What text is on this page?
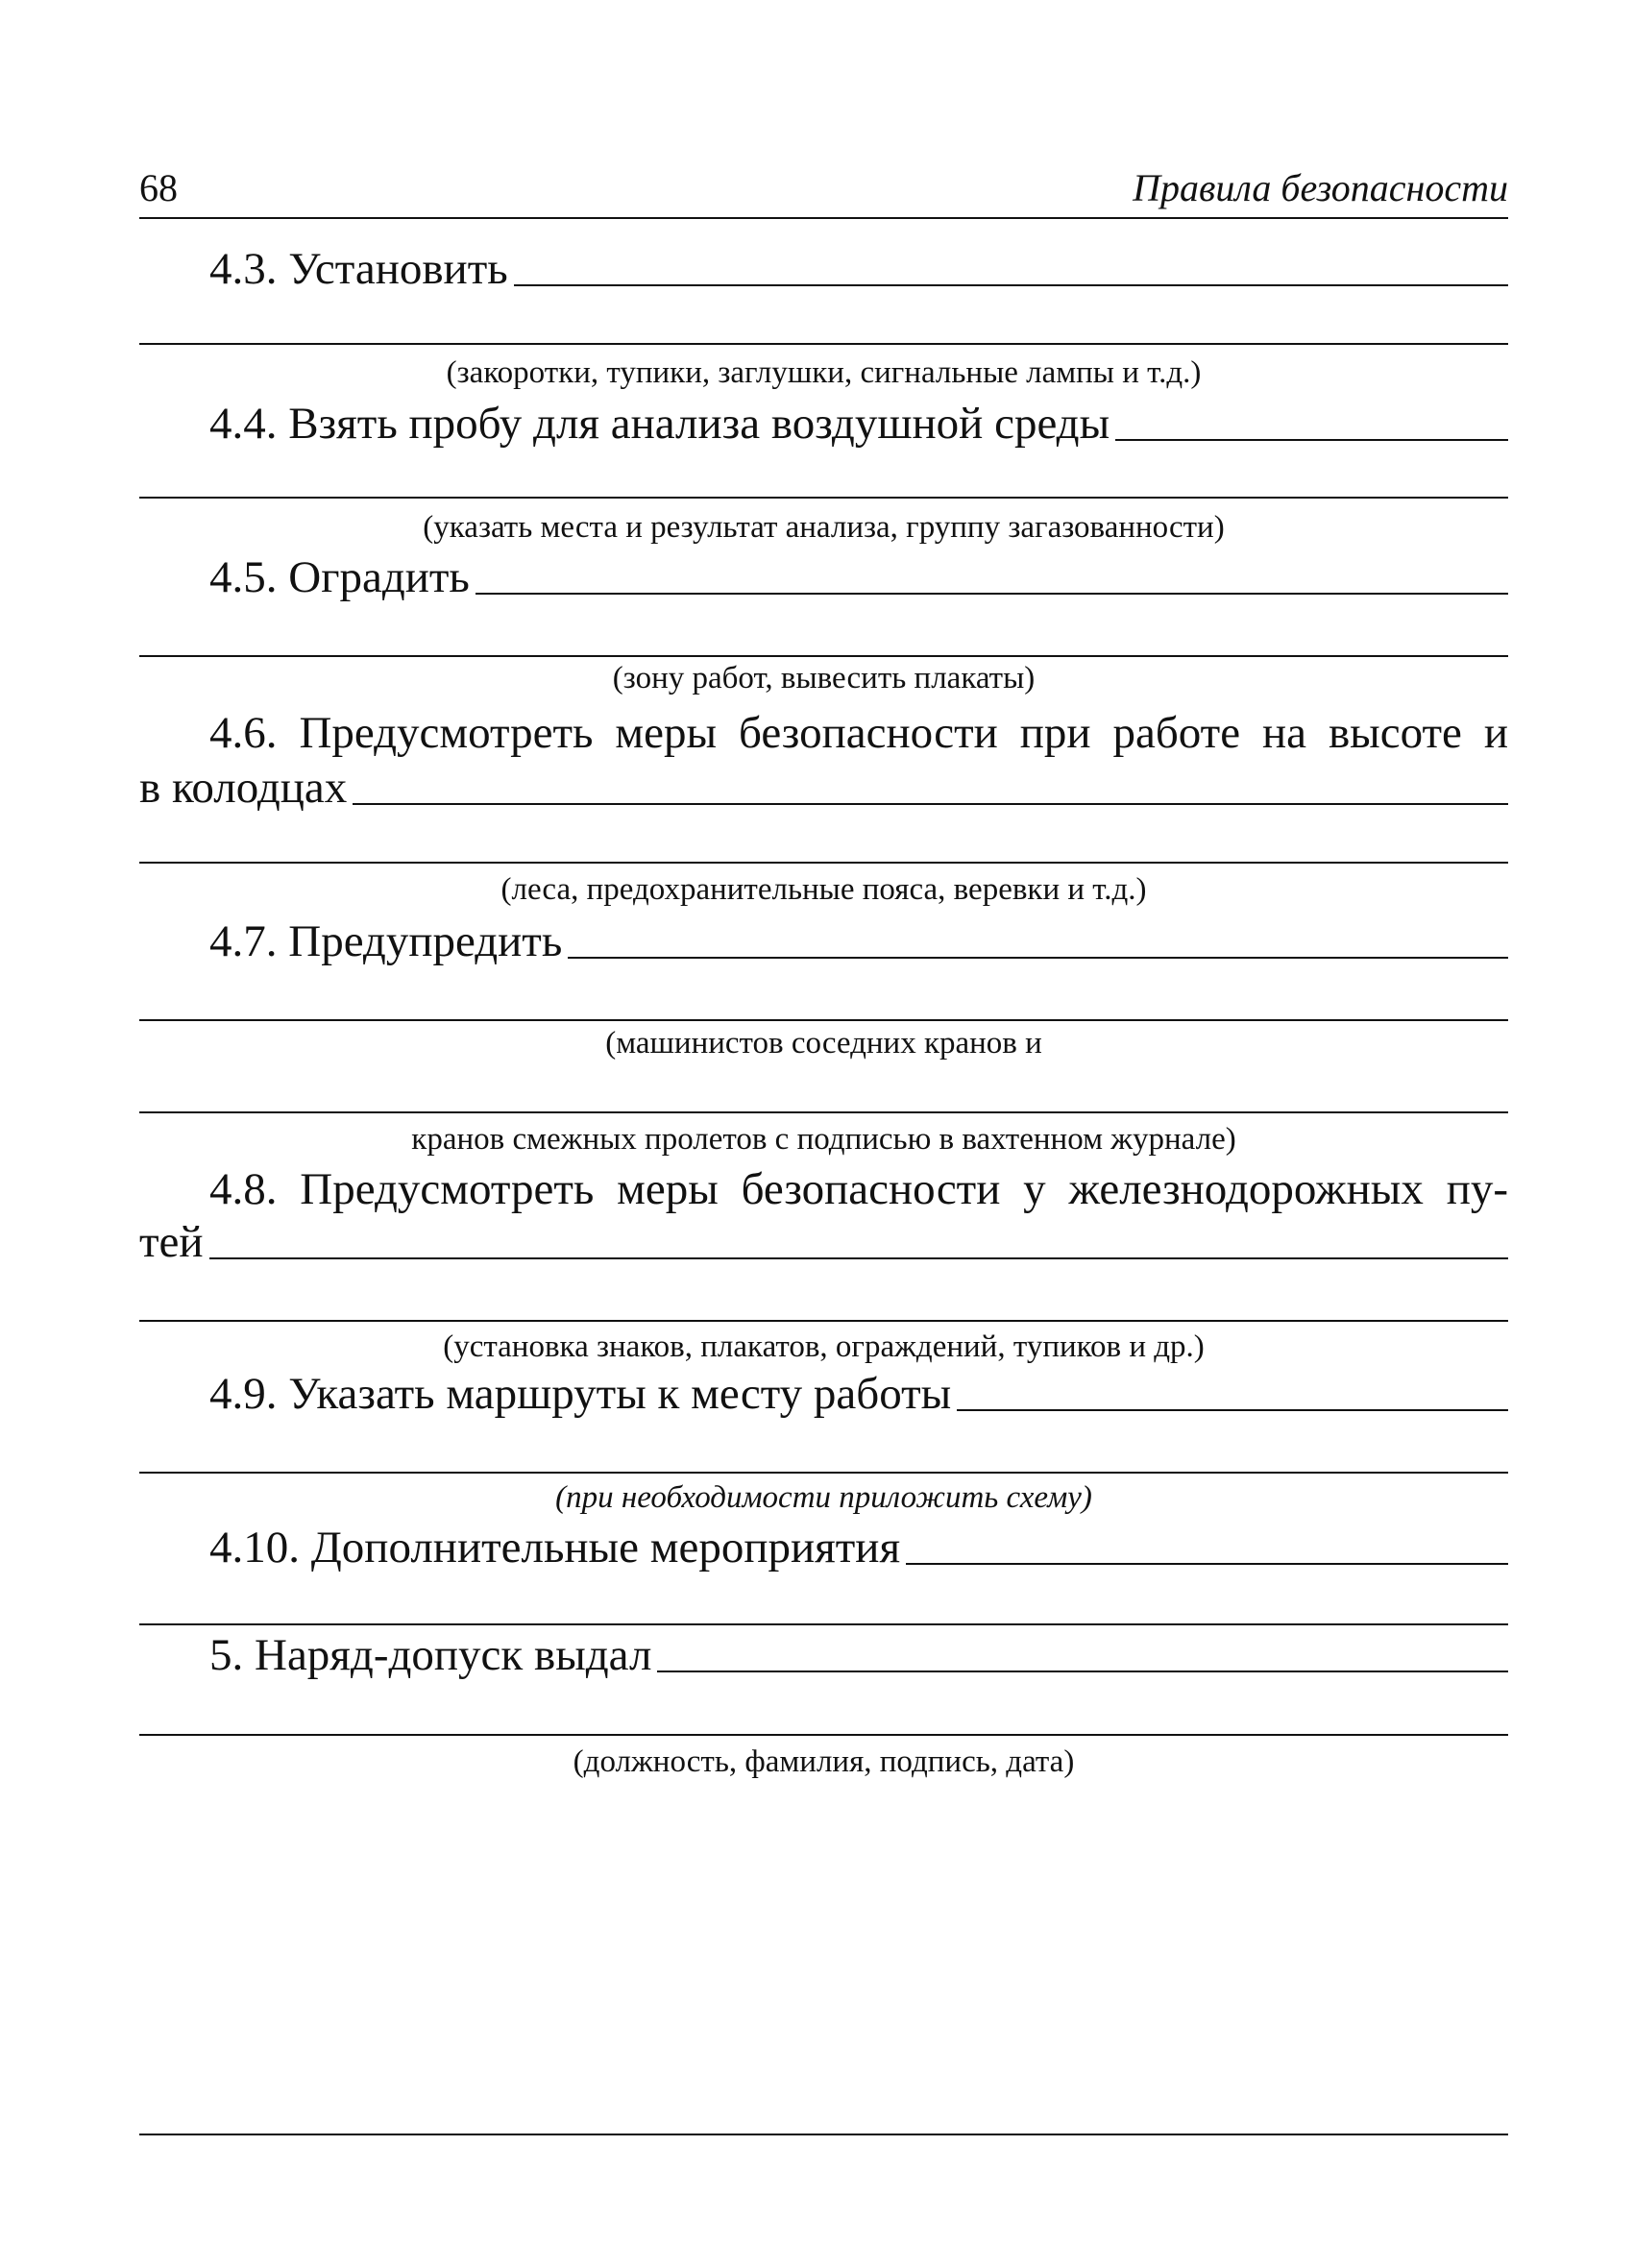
68	Правила безопасности
4.3. Установить
(закоротки, тупики, заглушки, сигнальные лампы и т.д.)
4.4. Взять пробу для анализа воздушной среды
(указать места и результат анализа, группу загазованности)
4.5. Оградить
(зону работ, вывесить плакаты)
4.6. Предусмотреть меры безопасности при работе на высоте и
в колодцах
(леса, предохранительные пояса, веревки и т.д.)
4.7. Предупредить
(машинистов соседних кранов и
кранов смежных пролетов с подписью в вахтенном журнале)
4.8. Предусмотреть меры безопасности у железнодорожных пу-
тей
(установка знаков, плакатов, ограждений, тупиков и др.)
4.9. Указать маршруты к месту работы
(при необходимости приложить схему)
4.10. Дополнительные мероприятия
5. Наряд-допуск выдал
(должность, фамилия, подпись, дата)
